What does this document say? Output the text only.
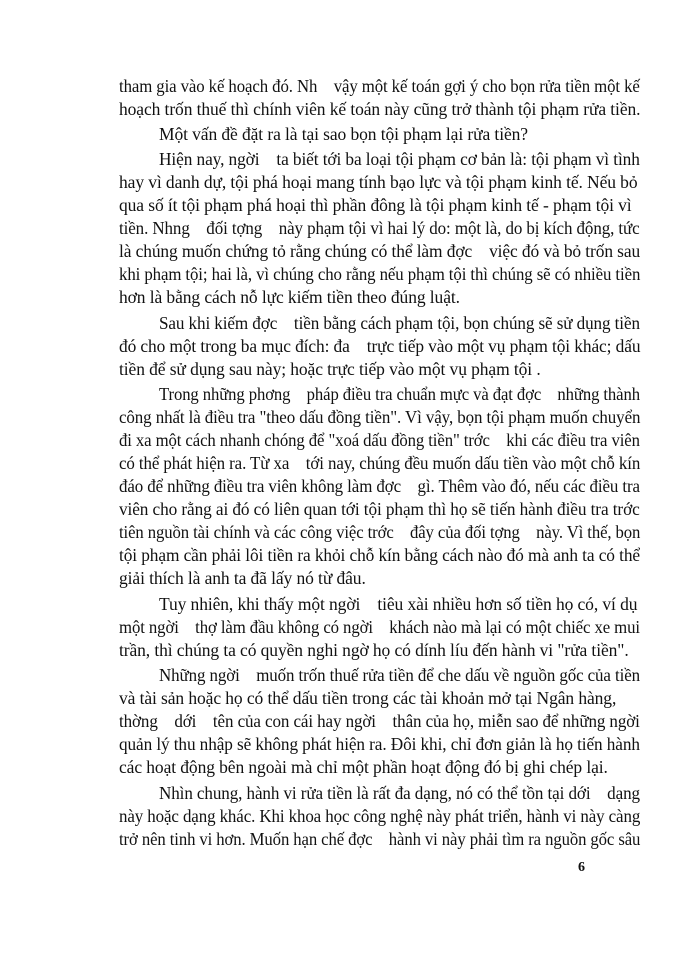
tham gia vào kế hoạch đó. Nh    vậy một kế toán gợi ý cho bọn rửa tiền một kế
hoạch trốn thuế thì chính viên kế toán này cũng trở thành tội phạm rửa tiền.
Một vấn đề đặt ra là tại sao bọn tội phạm lại rửa tiền?
Hiện nay, ngời    ta biết tới ba loại tội phạm cơ bản là: tội phạm vì tình
hay vì danh dự, tội phá hoại mang tính bạo lực và tội phạm kinh tế. Nếu bỏ
qua số ít tội phạm phá hoại thì phần đông là tội phạm kinh tế - phạm tội vì
tiền. Nhng    đối tợng    này phạm tội vì hai lý do: một là, do bị kích động, tức
là chúng muốn chứng tỏ rằng chúng có thể làm đợc    việc đó và bỏ trốn sau
khi phạm tội; hai là, vì chúng cho rằng nếu phạm tội thì chúng sẽ có nhiều tiền
hơn là bằng cách nỗ lực kiếm tiền theo đúng luật.
Sau khi kiếm đợc    tiền bằng cách phạm tội, bọn chúng sẽ sử dụng tiền
đó cho một trong ba mục đích: đa    trực tiếp vào một vụ phạm tội khác; dấu
tiền để sử dụng sau này; hoặc trực tiếp vào một vụ phạm tội .
Trong những phơng    pháp điều tra chuẩn mực và đạt đợc    những thành
công nhất là điều tra "theo dấu đồng tiền". Vì vậy, bọn tội phạm muốn chuyển
đi xa một cách nhanh chóng để "xoá dấu đồng tiền" trớc    khi các điều tra viên
có thể phát hiện ra. Từ xa    tới nay, chúng đều muốn dấu tiền vào một chỗ kín
đáo để những điều tra viên không làm đợc    gì. Thêm vào đó, nếu các điều tra
viên cho rằng ai đó có liên quan tới tội phạm thì họ sẽ tiến hành điều tra trớc
tiên nguồn tài chính và các công việc trớc    đây của đối tợng    này. Vì thế, bọn
tội phạm cần phải lôi tiền ra khỏi chỗ kín bằng cách nào đó mà anh ta có thể
giải thích là anh ta đã lấy nó từ đâu.
Tuy nhiên, khi thấy một ngời    tiêu xài nhiều hơn số tiền họ có, ví dụ
một ngời    thợ làm đầu không có ngời    khách nào mà lại có một chiếc xe mui
trần, thì chúng ta có quyền nghi ngờ họ có dính líu đến hành vi "rửa tiền".
Những ngời    muốn trốn thuế rửa tiền để che dấu về nguồn gốc của tiền
và tài sản hoặc họ có thể dấu tiền trong các tài khoản mở tại Ngân hàng,
thờng    dới    tên của con cái hay ngời    thân của họ, miễn sao để những ngời
quản lý thu nhập sẽ không phát hiện ra. Đôi khi, chỉ đơn giản là họ tiến hành
các hoạt động bên ngoài mà chỉ một phần hoạt động đó bị ghi chép lại.
Nhìn chung, hành vi rửa tiền là rất đa dạng, nó có thể tồn tại dới    dạng
này hoặc dạng khác. Khi khoa học công nghệ này phát triển, hành vi này càng
trở nên tinh vi hơn. Muốn hạn chế đợc    hành vi này phải tìm ra nguồn gốc sâu
6
